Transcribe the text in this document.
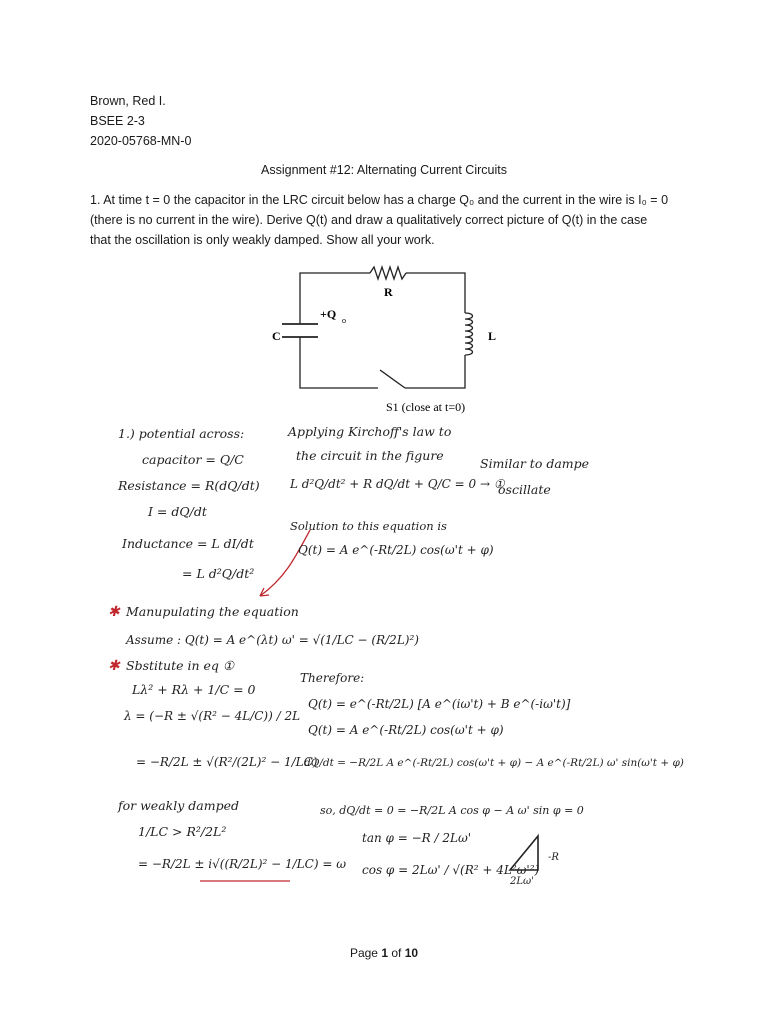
Brown, Red I.
BSEE 2-3
2020-05768-MN-0
Assignment #12: Alternating Current Circuits
1. At time t = 0 the capacitor in the LRC circuit below has a charge Q₀ and the current in the wire is I₀ = 0 (there is no current in the wire). Derive Q(t) and draw a qualitatively correct picture of Q(t) in the case that the oscillation is only weakly damped. Show all your work.
R
L
C
+Q o
S1 (close at t=0)
1.) potential across:
capacitor = Q/C
Resistance = R(dQ/dt)
I = dQ/dt
Inductance = L dI/dt
= L d²Q/dt²
Applying Kirchoff's law to
the circuit in the figure
L d²Q/dt² + R dQ/dt + Q/C = 0 → ①
Solution to this equation is
Q(t) = A e^(-Rt/2L) cos(ω't + φ)
Similar to dampe
oscillate
✱ Manupulating the equation
Assume : Q(t) = A e^(λt) ω' = √(1/LC − (R/2L)²)
✱ Sbstitute in eq ①
Lλ² + Rλ + 1/C = 0
λ = (−R ± √(R² − 4L/C)) / 2L
= −R/2L ± √(R²/(2L)² − 1/LC)
for weakly damped
1/LC > R²/2L²
= −R/2L ± i√((R/2L)² − 1/LC) = ω
Therefore:
Q(t) = e^(-Rt/2L) [A e^(iω't) + B e^(-iω't)]
Q(t) = A e^(-Rt/2L) cos(ω't + φ)
dQ/dt = −R/2L A e^(-Rt/2L) cos(ω't + φ) − A e^(-Rt/2L) ω' sin(ω't + φ)
so, dQ/dt = 0 = −R/2L A cos φ − A ω' sin φ = 0
tan φ = −R / 2Lω'
cos φ = 2Lω' / √(R² + 4L²ω'²)
-R
2Lω'
Page 1 of 10
